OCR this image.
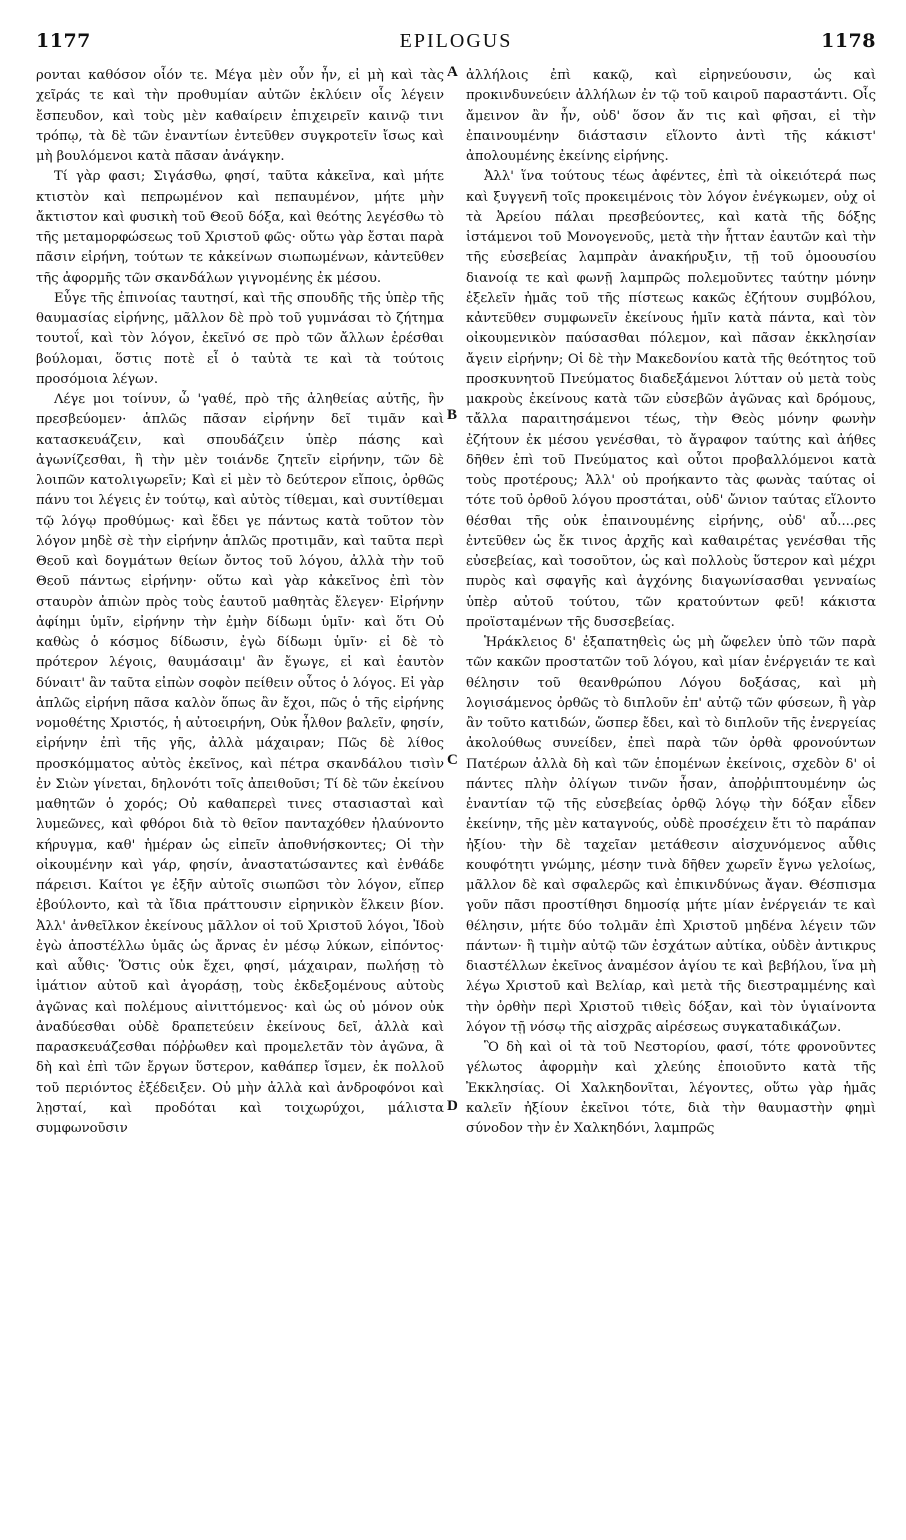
1177	EPILOGUS	1178
A
B
C
D

ρονται καθόσον οἷόν τε. Μέγα μὲν οὖν ἦν, εἰ μὴ καὶ τὰς χεῖράς τε καὶ τὴν προθυμίαν αὐτῶν ἐκλύειν οἷς λέγειν ἔσπευδον, καὶ τοὺς μὲν καθαίρειν ἐπιχειρεῖν καινῷ τινι τρόπῳ, τὰ δὲ τῶν ἐναντίων ἐντεῦθεν συγκροτεῖν ἴσως καὶ μὴ βουλόμενοι κατὰ πᾶσαν ἀνάγκην.

Τί γὰρ φασι; Σιγάσθω, φησί, ταῦτα κἀκεῖνα, καὶ μήτε κτιστὸν καὶ πεπρωμένον καὶ πεπαυμένον, μήτε μὴν ἄκτιστον καὶ φυσικὴ τοῦ Θεοῦ δόξα, καὶ θεότης λεγέσθω τὸ τῆς μεταμορφώσεως τοῦ Χριστοῦ φῶς· οὕτω γὰρ ἔσται παρὰ πᾶσιν εἰρήνη, τούτων τε κἀκείνων σιωπωμένων, κἀντεῦθεν τῆς ἀφορμῆς τῶν σκανδάλων γιγνομένης ἐκ μέσου.

Εὖγε τῆς ἐπινοίας ταυτησί, καὶ τῆς σπουδῆς τῆς ὑπὲρ τῆς θαυμασίας εἰρήνης, μᾶλλον δὲ πρὸ τοῦ γυμνάσαι τὸ ζήτημα τουτοΐ, καὶ τὸν λόγον, ἐκεῖνό σε πρὸ τῶν ἄλλων ἐρέσθαι βούλομαι, ὅστις ποτὲ εἶ ὁ ταὐτὰ τε καὶ τὰ τούτοις προσόμοια λέγων.

Λέγε μοι τοίνυν, ὦ 'γαθέ, πρὸ τῆς ἀληθείας αὐτῆς, ἣν πρεσβεύομεν· ἁπλῶς πᾶσαν εἰρήνην δεῖ τιμᾶν καὶ κατασκευάζειν, καὶ σπουδάζειν ὑπὲρ πάσης καὶ ἀγωνίζεσθαι, ἢ τὴν μὲν τοιάνδε ζητεῖν εἰρήνην, τῶν δὲ λοιπῶν κατολιγωρεῖν; Καὶ εἰ μὲν τὸ δεύτερον εἴποις, ὀρθῶς πάνυ τοι λέγεις ἐν τούτῳ, καὶ αὐτὸς τίθεμαι, καὶ συντίθεμαι τῷ λόγῳ προθύμως· καὶ ἔδει γε πάντως κατὰ τοῦτον τὸν λόγον μηδὲ σὲ τὴν εἰρήνην ἁπλῶς προτιμᾶν, καὶ ταῦτα περὶ Θεοῦ καὶ δογμάτων θείων ὄντος τοῦ λόγου, ἀλλὰ τὴν τοῦ Θεοῦ πάντως εἰρήνην· οὕτω καὶ γὰρ κἀκεῖνος ἐπὶ τὸν σταυρὸν ἀπιὼν πρὸς τοὺς ἑαυτοῦ μαθητὰς ἔλεγεν· Εἰρήνην ἀφίημι ὑμῖν, εἰρήνην τὴν ἐμὴν δίδωμι ὑμῖν· καὶ ὅτι Οὐ καθὼς ὁ κόσμος δίδωσιν, ἐγὼ δίδωμι ὑμῖν· εἰ δὲ τὸ πρότερον λέγοις, θαυμάσαιμ' ἂν ἔγωγε, εἰ καὶ ἑαυτὸν δύναιτ' ἂν ταῦτα εἰπὼν σοφὸν πείθειν οὗτος ὁ λόγος. Εἰ γὰρ ἁπλῶς εἰρήνη πᾶσα καλὸν ὅπως ἂν ἔχοι, πῶς ὁ τῆς εἰρήνης νομοθέτης Χριστός, ἡ αὐτοειρήνη, Οὐκ ἦλθον βαλεῖν, φησίν, εἰρήνην ἐπὶ τῆς γῆς, ἀλλὰ μάχαιραν; Πῶς δὲ λίθος προσκόμματος αὐτὸς ἐκεῖνος, καὶ πέτρα σκανδάλου τισὶν ἐν Σιὼν γίνεται, δηλονότι τοῖς ἀπειθοῦσι; Τί δὲ τῶν ἐκείνου μαθητῶν ὁ χορός; Οὐ καθαπερεὶ τινες στασιασταὶ καὶ λυμεῶνες, καὶ φθόροι διὰ τὸ θεῖον πανταχόθεν ἠλαύνοντο κήρυγμα, καθ' ἡμέραν ὡς εἰπεῖν ἀποθνήσκοντες; Οἱ τὴν οἰκουμένην καὶ γάρ, φησίν, ἀναστατώσαντες καὶ ἐνθάδε πάρεισι. Καίτοι γε ἐξῆν αὐτοῖς σιωπῶσι τὸν λόγον, εἴπερ ἐβούλοντο, καὶ τὰ ἴδια πράττουσιν εἰρηνικὸν ἕλκειν βίον. Ἀλλ' ἀνθεῖλκον ἐκείνους μᾶλλον οἱ τοῦ Χριστοῦ λόγοι, Ἰδοὺ ἐγὼ ἀποστέλλω ὑμᾶς ὡς ἄρνας ἐν μέσῳ λύκων, εἰπόντος· καὶ αὖθις· Ὅστις οὐκ ἔχει, φησί, μάχαιραν, πωλήσῃ τὸ ἱμάτιον αὐτοῦ καὶ ἀγοράσῃ, τοὺς ἐκδεξομένους αὐτοὺς ἀγῶνας καὶ πολέμους αἰνιττόμενος· καὶ ὡς οὐ μόνον οὐκ ἀναδύεσθαι οὐδὲ δραπετεύειν ἐκείνους δεῖ, ἀλλὰ καὶ παρασκευάζεσθαι πόῤῥωθεν καὶ προμελετᾶν τὸν ἀγῶνα, ἃ δὴ καὶ ἐπὶ τῶν ἔργων ὕστερον, καθάπερ ἴσμεν, ἐκ πολλοῦ τοῦ περιόντος ἐξέδειξεν. Οὐ μὴν ἀλλὰ καὶ ἀνδροφόνοι καὶ λῃσταί, καὶ προδόται καὶ τοιχωρύχοι, μάλιστα συμφωνοῦσιν

ἀλλήλοις ἐπὶ κακῷ, καὶ εἰρηνεύουσιν, ὡς καὶ προκινδυνεύειν ἀλλήλων ἐν τῷ τοῦ καιροῦ παραστάντι. Οἷς ἄμεινον ἂν ἦν, οὐδ' ὅσον ἄν τις καὶ φῆσαι, εἰ τὴν ἐπαινουμένην διάστασιν εἵλοντο ἀντὶ τῆς κάκιστ' ἀπολουμένης ἐκείνης εἰρήνης.

Ἀλλ' ἵνα τούτους τέως ἀφέντες, ἐπὶ τὰ οἰκειότερά πως καὶ ξυγγενῆ τοῖς προκειμένοις τὸν λόγον ἐνέγκωμεν, οὐχ οἱ τὰ Ἀρείου πάλαι πρεσβεύοντες, καὶ κατὰ τῆς δόξης ἱστάμενοι τοῦ Μονογενοῦς, μετὰ τὴν ἧτταν ἑαυτῶν καὶ τὴν τῆς εὐσεβείας λαμπρὰν ἀνακήρυξιν, τῇ τοῦ ὁμοουσίου διανοίᾳ τε καὶ φωνῇ λαμπρῶς πολεμοῦντες ταύτην μόνην ἐξελεῖν ἠμᾶς τοῦ τῆς πίστεως κακῶς ἐζήτουν συμβόλου, κἀντεῦθεν συμφωνεῖν ἐκείνους ἡμῖν κατὰ πάντα, καὶ τὸν οἰκουμενικὸν παύσασθαι πόλεμον, καὶ πᾶσαν ἐκκλησίαν ἄγειν εἰρήνην; Οἱ δὲ τὴν Μακεδονίου κατὰ τῆς θεότητος τοῦ προσκυνητοῦ Πνεύματος διαδεξάμενοι λύτταν οὐ μετὰ τοὺς μακροὺς ἐκείνους κατὰ τῶν εὐσεβῶν ἀγῶνας καὶ δρόμους, τἄλλα παραιτησάμενοι τέως, τὴν Θεὸς μόνην φωνὴν ἐζήτουν ἐκ μέσου γενέσθαι, τὸ ἄγραφον ταύτης καὶ ἀήθες δῆθεν ἐπὶ τοῦ Πνεύματος καὶ οὗτοι προβαλλόμενοι κατὰ τοὺς προτέρους; Ἀλλ' οὐ προήκαντο τὰς φωνὰς ταύτας οἱ τότε τοῦ ὀρθοῦ λόγου προστάται, οὐδ' ὤνιον ταύτας εἵλοντο θέσθαι τῆς οὐκ ἐπαινουμένης εἰρήνης, οὐδ' αὖ....ρες ἐντεῦθεν ὡς ἔκ τινος ἀρχῆς καὶ καθαιρέτας γενέσθαι τῆς εὐσεβείας, καὶ τοσοῦτον, ὡς καὶ πολλοὺς ὕστερον καὶ μέχρι πυρὸς καὶ σφαγῆς καὶ ἀγχόνης διαγωνίσασθαι γενναίως ὑπὲρ αὐτοῦ τούτου, τῶν κρατούντων φεῦ! κάκιστα προϊσταμένων τῆς δυσσεβείας.

Ἡράκλειος δ' ἐξαπατηθεὶς ὡς μὴ ὤφελεν ὑπὸ τῶν παρὰ τῶν κακῶν προστατῶν τοῦ λόγου, καὶ μίαν ἐνέργειάν τε καὶ θέλησιν τοῦ θεανθρώπου Λόγου δοξάσας, καὶ μὴ λογισάμενος ὀρθῶς τὸ διπλοῦν ἐπ' αὐτῷ τῶν φύσεων, ἢ γὰρ ἂν τοῦτο κατιδών, ὥσπερ ἔδει, καὶ τὸ διπλοῦν τῆς ἐνεργείας ἀκολούθως συνείδεν, ἐπεὶ παρὰ τῶν ὀρθὰ φρονούντων Πατέρων ἀλλὰ δὴ καὶ τῶν ἑπομένων ἐκείνοις, σχεδὸν δ' οἱ πάντες πλὴν ὀλίγων τινῶν ἦσαν, ἀποῤῥιπτουμένην ὡς ἐναντίαν τῷ τῆς εὐσεβείας ὀρθῷ λόγῳ τὴν δόξαν εἶδεν ἐκείνην, τῆς μὲν καταγνούς, οὐδὲ προσέχειν ἔτι τὸ παράπαν ἠξίου· τὴν δὲ ταχεῖαν μετάθεσιν αἰσχυνόμενος αὖθις κουφότητι γνώμης, μέσην τινὰ δῆθεν χωρεῖν ἔγνω γελοίως, μᾶλλον δὲ καὶ σφαλερῶς καὶ ἐπικινδύνως ἄγαν. Θέσπισμα γοῦν πᾶσι προστίθησι δημοσίᾳ μήτε μίαν ἐνέργειάν τε καὶ θέλησιν, μήτε δύο τολμᾶν ἐπὶ Χριστοῦ μηδένα λέγειν τῶν πάντων· ἢ τιμὴν αὐτῷ τῶν ἐσχάτων αὐτίκα, οὐδὲν ἀντικρυς διαστέλλων ἐκεῖνος ἀναμέσον ἁγίου τε καὶ βεβήλου, ἵνα μὴ λέγω Χριστοῦ καὶ Βελίαρ, καὶ μετὰ τῆς διεστραμμένης καὶ τὴν ὀρθὴν περὶ Χριστοῦ τιθεὶς δόξαν, καὶ τὸν ὑγιαίνοντα λόγον τῇ νόσῳ τῆς αἰσχρᾶς αἱρέσεως συγκαταδικάζων.

Ὃ δὴ καὶ οἱ τὰ τοῦ Νεστορίου, φασί, τότε φρονοῦντες γέλωτος ἀφορμὴν καὶ χλεύης ἐποιοῦντο κατὰ τῆς Ἐκκλησίας. Οἱ Χαλκηδονῖται, λέγοντες, οὕτω γὰρ ἡμᾶς καλεῖν ἠξίουν ἐκεῖνοι τότε, διὰ τὴν θαυμαστὴν φημὶ σύνοδον τὴν ἐν Χαλκηδόνι, λαμπρῶς
